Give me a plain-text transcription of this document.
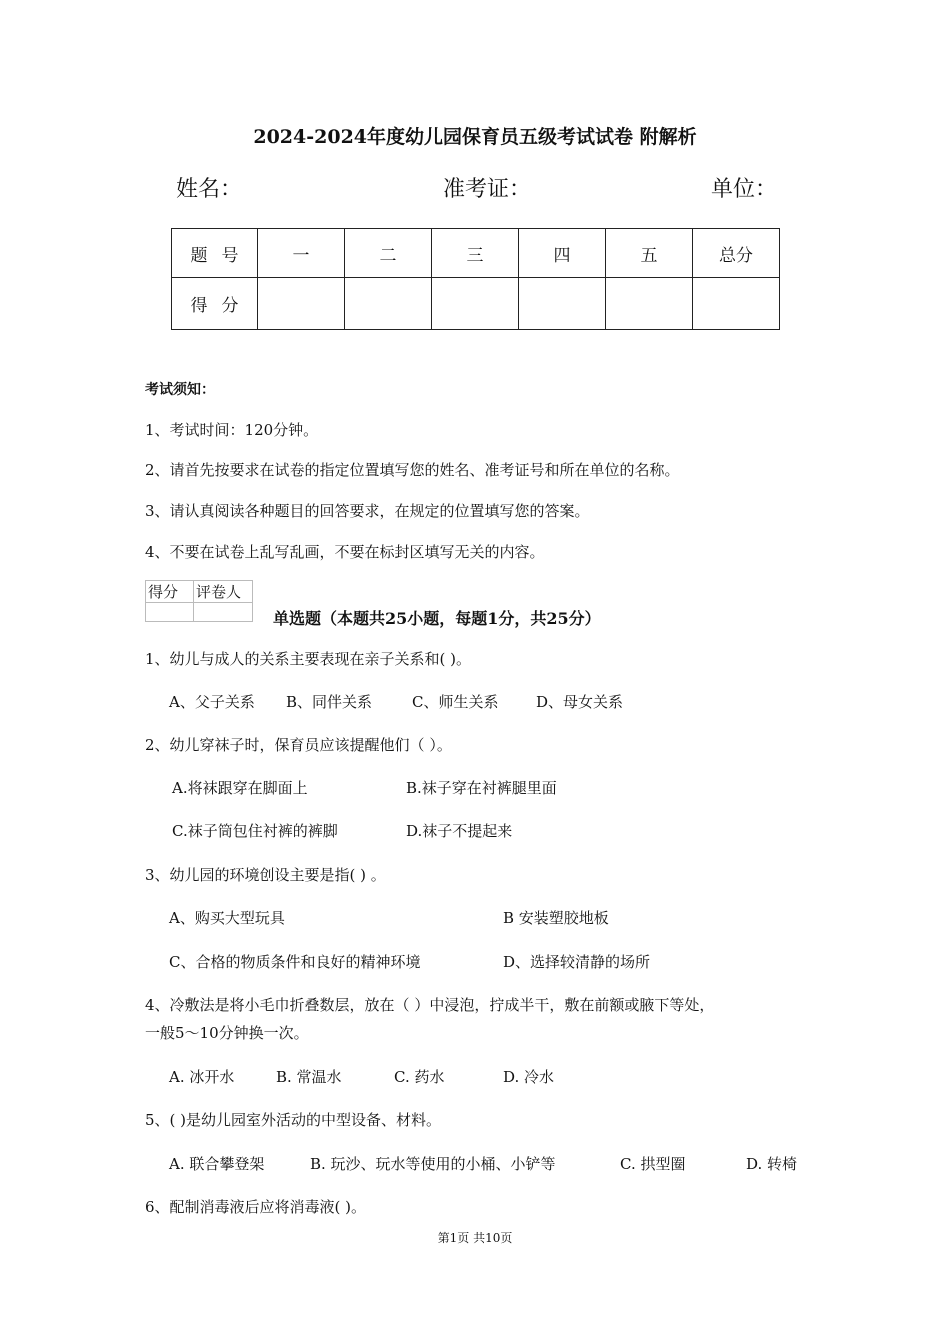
2024-2024年度幼儿园保育员五级考试试卷 附解析
姓名：	准考证：	单位：
题号	一	二	三	四	五	总分
得分						
考试须知：
1、考试时间：120分钟。
2、请首先按要求在试卷的指定位置填写您的姓名、准考证号和所在单位的名称。
3、请认真阅读各种题目的回答要求，在规定的位置填写您的答案。
4、不要在试卷上乱写乱画，不要在标封区填写无关的内容。
得分	评卷人

单选题（本题共25小题，每题1分，共25分）
1、幼儿与成人的关系主要表现在亲子关系和( )。
A、父子关系 B、同伴关系	C、师生关系	D、母女关系
2、幼儿穿袜子时，保育员应该提醒他们（ ）。
A.将袜跟穿在脚面上	B.袜子穿在衬裤腿里面
C.袜子筒包住衬裤的裤脚	D.袜子不提起来
3、幼儿园的环境创设主要是指( ) 。
A、购买大型玩具	B 安装塑胶地板
C、合格的物质条件和良好的精神环境	D、选择较清静的场所
4、冷敷法是将小毛巾折叠数层，放在（ ）中浸泡，拧成半干，敷在前额或腋下等处，
一般5～10分钟换一次。
A. 冰开水	B. 常温水	C. 药水	D. 冷水
5、( )是幼儿园室外活动的中型设备、材料。
A. 联合攀登架	B. 玩沙、玩水等使用的小桶、小铲等	C. 拱型圈	D. 转椅
6、配制消毒液后应将消毒液( )。
第1页 共10页
